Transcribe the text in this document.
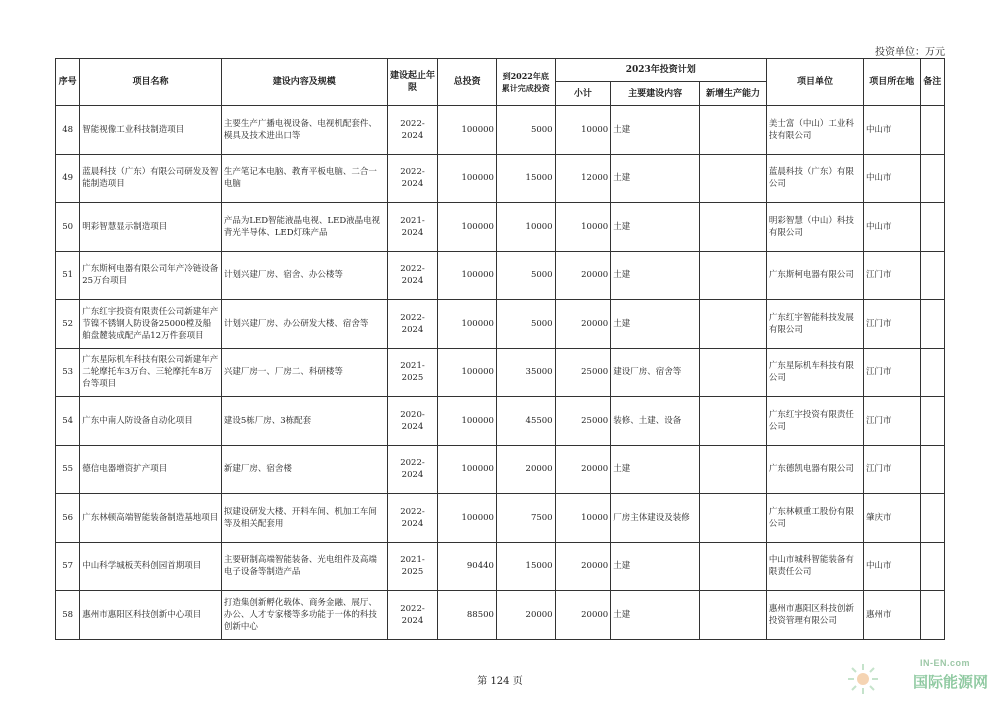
投资单位：万元
序号	项目名称	建设内容及规模	建设起止年限	总投资	到2022年底累计完成投资	2023年投资计划			项目单位	项目所在地	备注
						小计	主要建设内容	新增生产能力			
48	智能视像工业科技制造项目	主要生产广播电视设备、电视机配套件、模具及技术进出口等	2022-2024	100000	5000	10000	土建		美士富（中山）工业科技有限公司	中山市	
49	蓝晨科技（广东）有限公司研发及智能制造项目	生产笔记本电脑、教育平板电脑、二合一电脑	2022-2024	100000	15000	12000	土建		蓝晨科技（广东）有限公司	中山市	
50	明彩智慧显示制造项目	产品为LED智能液晶电视、LED液晶电视背光半导体、LED灯珠产品	2021-2024	100000	10000	10000	土建		明彩智慧（中山）科技有限公司	中山市	
51	广东斯柯电器有限公司年产冷链设备25万台项目	计划兴建厂房、宿舍、办公楼等	2022-2024	100000	5000	20000	土建		广东斯柯电器有限公司	江门市	
52	广东红宇投资有限责任公司新建年产节镍不锈钢人防设备25000樘及船舶盘麓装成配产品12万件套项目	计划兴建厂房、办公研发大楼、宿舍等	2022-2024	100000	5000	20000	土建		广东红宇智能科技发展有限公司	江门市	
53	广东星际机车科技有限公司新建年产二轮摩托车3万台、三轮摩托车8万台等项目	兴建厂房一、厂房二、科研楼等	2021-2025	100000	35000	25000	建设厂房、宿舍等		广东星际机车科技有限公司	江门市	
54	广东中南人防设备自动化项目	建设5栋厂房、3栋配套	2020-2024	100000	45500	25000	装修、土建、设备		广东红宇投资有限责任公司	江门市	
55	德信电器增资扩产项目	新建厂房、宿舍楼	2022-2024	100000	20000	20000	土建		广东德凯电器有限公司	江门市	
56	广东林顿高端智能装备制造基地项目	拟建设研发大楼、开料车间、机加工车间等及相关配套用	2022-2024	100000	7500	10000	厂房主体建设及装修		广东林顿重工股份有限公司	肇庆市	
57	中山科学城板芙科创园首期项目	主要研制高端智能装备、光电组件及高端电子设备等制造产品	2021-2025	90440	15000	20000	土建		中山市城科智能装备有限责任公司	中山市	
58	惠州市惠阳区科技创新中心项目	打造集创新孵化载体、商务金融、展厅、办公、人才专家楼等多功能于一体的科技创新中心	2022-2024	88500	20000	20000	土建		惠州市惠阳区科技创新投资管理有限公司	惠州市	
第 124 页
IN-EN.com
国际能源网
